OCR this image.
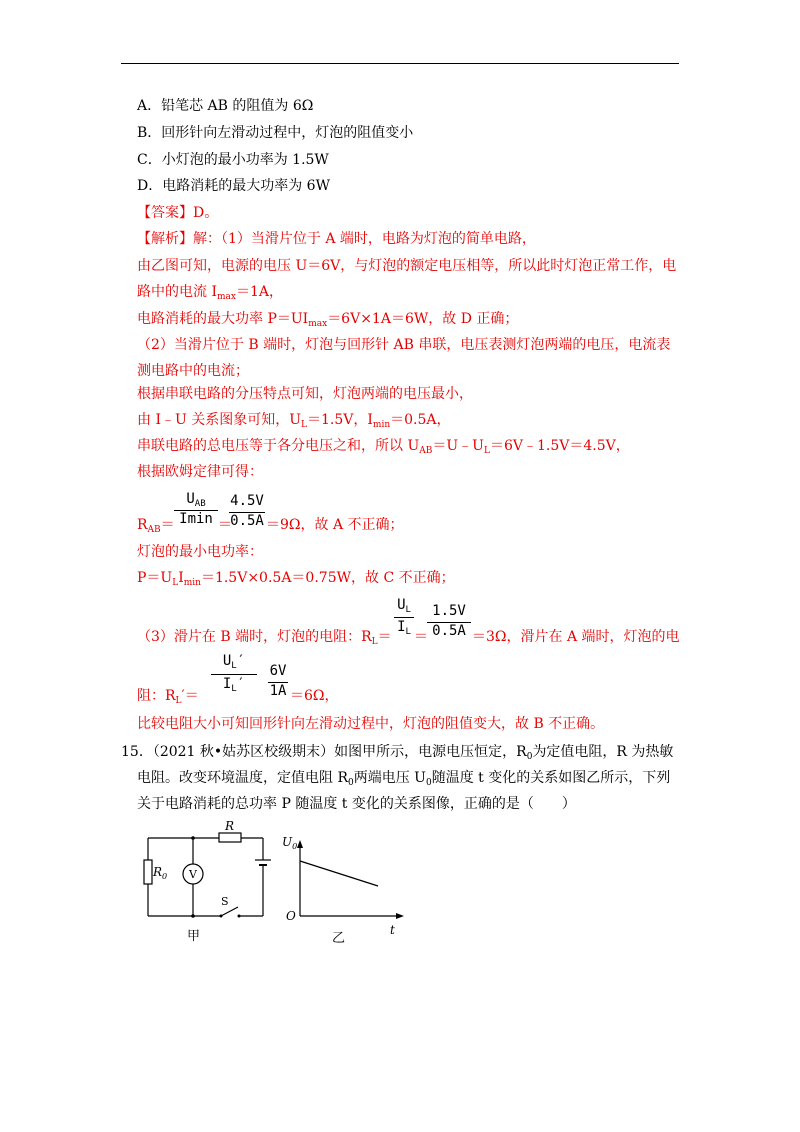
A．铅笔芯 AB 的阻值为 6Ω
B．回形针向左滑动过程中，灯泡的阻值变小
C．小灯泡的最小功率为 1.5W
D．电路消耗的最大功率为 6W
【答案】D。
【解析】解：（1）当滑片位于 A 端时，电路为灯泡的简单电路，
由乙图可知，电源的电压 U＝6V，与灯泡的额定电压相等，所以此时灯泡正常工作，电
路中的电流 $I_{max}=1A$，
电路消耗的最大功率 $P=UI_{max}=6V\times 1A=6W$，故 D 正确；
（2）当滑片位于 B 端时，灯泡与回形针 AB 串联，电压表测灯泡两端的电压，电流表
测电路中的电流；
根据串联电路的分压特点可知，灯泡两端的电压最小，
由 I﹣U 关系图象可知，$U_L=1.5V$，$I_{min}=0.5A$，
串联电路的总电压等于各分电压之和，所以 $U_{AB}=U﹣U_L=6V﹣1.5V=4.5V$，
根据欧姆定律可得：
$R_{AB}=$
$U_{AB}$
Imin ＝
4.5V
0.5A ＝9Ω，故 A 不正确；
灯泡的最小电功率：
$P=U_LI_{min}=1.5V\times 0.5A=0.75W$，故 C 不正确；
（3）滑片在 B 端时，灯泡的电阻：$R_L=$
$U_L$
$I_L$ ＝
1.5V
0.5A ＝3Ω，滑片在 A 端时，灯泡的电
阻：$R_L'=$
$U_L'$
$I_L'$
6V
1A ＝6Ω，
比较电阻大小可知回形针向左滑动过程中，灯泡的阻值变大，故 B 不正确。
15．（2021 秋•姑苏区校级期末）如图甲所示，电源电压恒定，$R_0$为定值电阻，R 为热敏
电阻。改变环境温度，定值电阻 $R_0$两端电压 $U_0$随温度 t 变化的关系如图乙所示，下列
关于电路消耗的总功率 P 随温度 t 变化的关系图像，正确的是（　　）
R
$R_0$ V
S
甲
$U_0$
O
t
乙
